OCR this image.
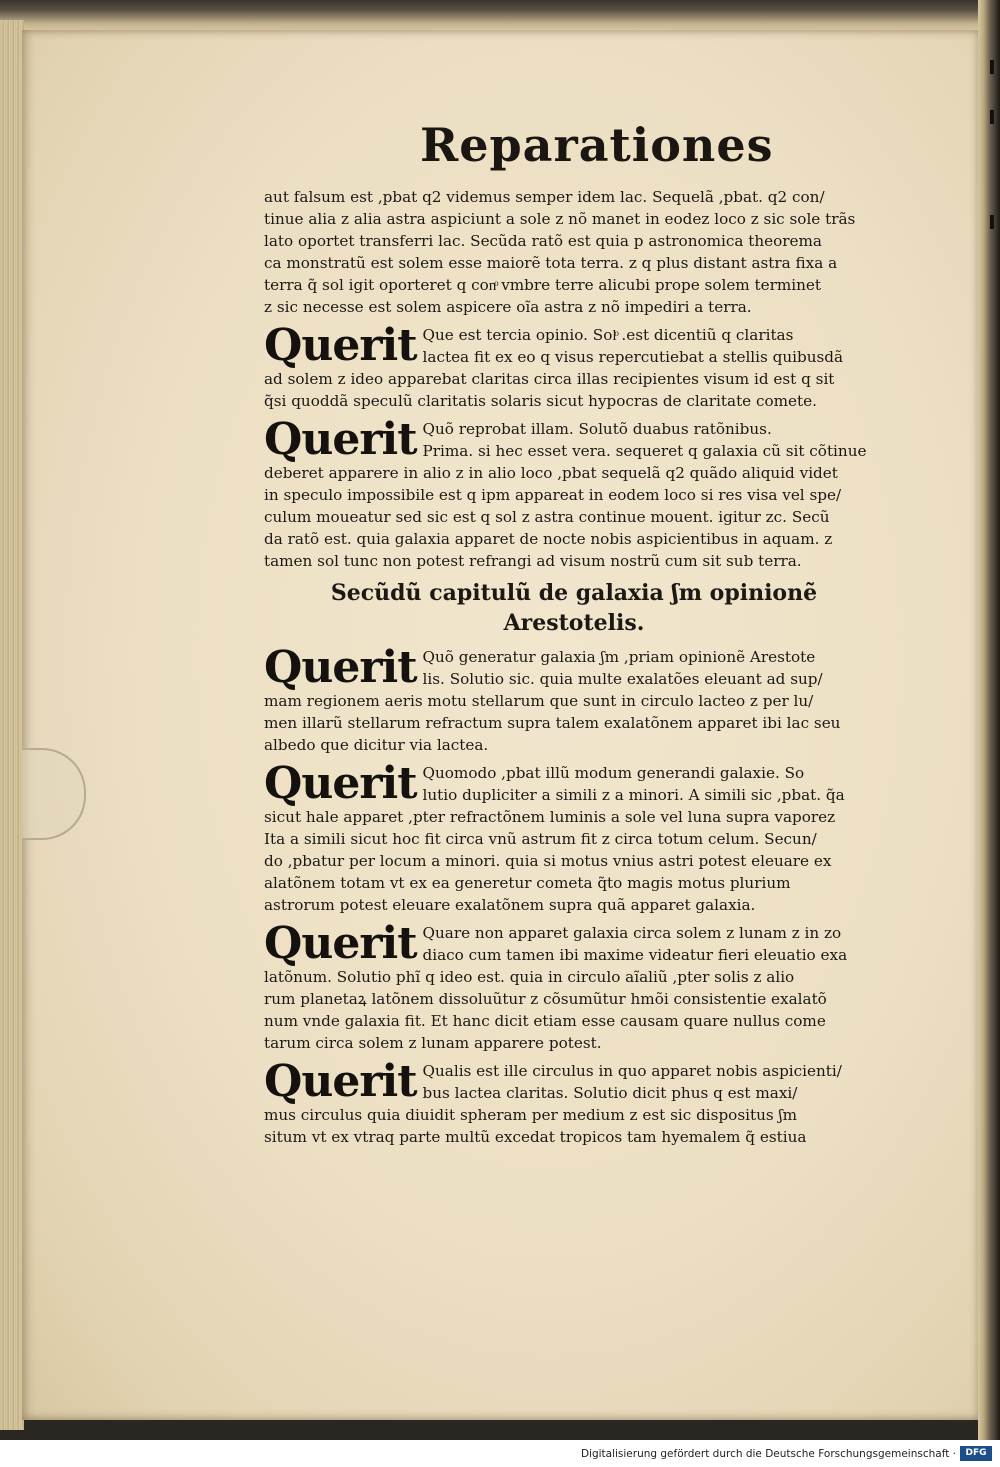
Reparationes
aut falsum est ,pbat q2 videmus semper idem lac. Sequelã ,pbat. q2 con/
tinue alia z alia astra aspiciunt a sole z nõ manet in eodez loco z sic sole trãs
lato oportet transferri lac. Secũda ratõ est quia p astronomica theorema
ca monstratũ est solem esse maiorẽ tota terra. z q plus distant astra fixa a
terra q̃ sol igit oporteret q conͦ vmbre terre alicubi prope solem terminet
z sic necesse est solem aspicere oĩa astra z nõ impediri a terra.
Querit Que est tercia opinio. Solͦ .est dicentiũ q claritas
lactea fit ex eo q visus repercutiebat a stellis quibusdã
ad solem z ideo apparebat claritas circa illas recipientes visum id est q sit
q̃si quoddã speculũ claritatis solaris sicut hypocras de claritate comete.
Querit Quõ reprobat illam. Solutõ duabus ratõnibus.
Prima. si hec esset vera. sequeret q galaxia cũ sit cõtinue
deberet apparere in alio z in alio loco ,pbat sequelã q2 quãdo aliquid videt
in speculo impossibile est q ipm appareat in eodem loco si res visa vel spe/
culum moueatur sed sic est q sol z astra continue mouent. igitur zc. Secũ
da ratõ est. quia galaxia apparet de nocte nobis aspicientibus in aquam. z
tamen sol tunc non potest refrangi ad visum nostrũ cum sit sub terra.
Secũdũ capitulũ de galaxia ʃm opinionẽ Arestotelis.
Querit Quõ generatur galaxia ʃm ,priam opinionẽ Arestote
lis. Solutio sic. quia multe exalatões eleuant ad sup/
mam regionem aeris motu stellarum que sunt in circulo lacteo z per lu/
men illarũ stellarum refractum supra talem exalatõnem apparet ibi lac seu
albedo que dicitur via lactea.
Querit Quomodo ,pbat illũ modum generandi galaxie. So
lutio dupliciter a simili z a minori. A simili sic ,pbat. q̃a
sicut hale apparet ,pter refractõnem luminis a sole vel luna supra vaporez
Ita a simili sicut hoc fit circa vnũ astrum fit z circa totum celum. Secun/
do ,pbatur per locum a minori. quia si motus vnius astri potest eleuare ex
alatõnem totam vt ex ea generetur cometa q̃to magis motus plurium
astrorum potest eleuare exalatõnem supra quã apparet galaxia.
Querit Quare non apparet galaxia circa solem z lunam z in zo
diaco cum tamen ibi maxime videatur fieri eleuatio exa
latõnum. Solutio phĩ q ideo est. quia in circulo aĩaliũ ,pter solis z alio
rum planetaꝝ latõnem dissoluũtur z cõsumũtur hmõi consistentie exalatõ
num vnde galaxia fit. Et hanc dicit etiam esse causam quare nullus come
tarum circa solem z lunam apparere potest.
Querit Qualis est ille circulus in quo apparet nobis aspicienti/
bus lactea claritas. Solutio dicit phus q est maxi/
mus circulus quia diuidit spheram per medium z est sic dispositus ʃm
situm vt ex vtraq parte multũ excedat tropicos tam hyemalem q̃ estiua
Digitalisierung gefördert durch die Deutsche Forschungsgemeinschaft ·	DFG
